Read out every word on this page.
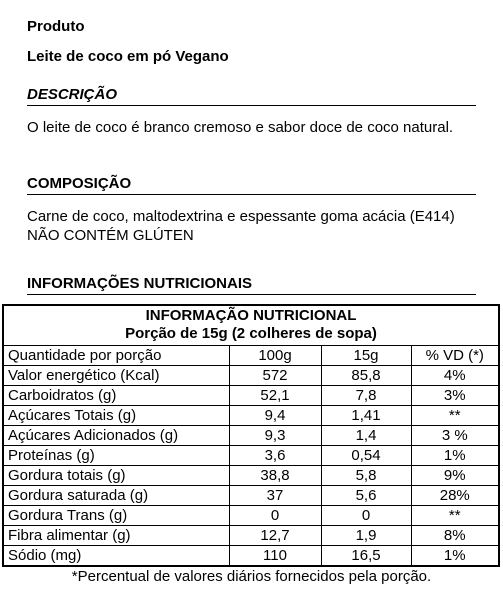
Produto
Leite de coco em pó Vegano
DESCRIÇÃO
O leite de coco é branco cremoso e sabor doce de coco natural.
COMPOSIÇÃO
Carne de coco, maltodextrina e espessante goma acácia (E414)
NÃO CONTÉM GLÚTEN
INFORMAÇÕES NUTRICIONAIS
INFORMAÇÃO NUTRICIONAL
Porção de 15g (2 colheres de sopa)
Quantidade por porção	100g	15g	% VD (*)
Valor energético (Kcal)	572	85,8	4%
Carboidratos (g)	52,1	7,8	3%
Açúcares Totais (g)	9,4	1,41	**
Açúcares Adicionados (g)	9,3	1,4	3 %
Proteínas (g)	3,6	0,54	1%
Gordura totais (g)	38,8	5,8	9%
Gordura saturada (g)	37	5,6	28%
Gordura Trans (g)	0	0	**
Fibra alimentar (g)	12,7	1,9	8%
Sódio (mg)	110	16,5	1%
*Percentual de valores diários fornecidos pela porção.
